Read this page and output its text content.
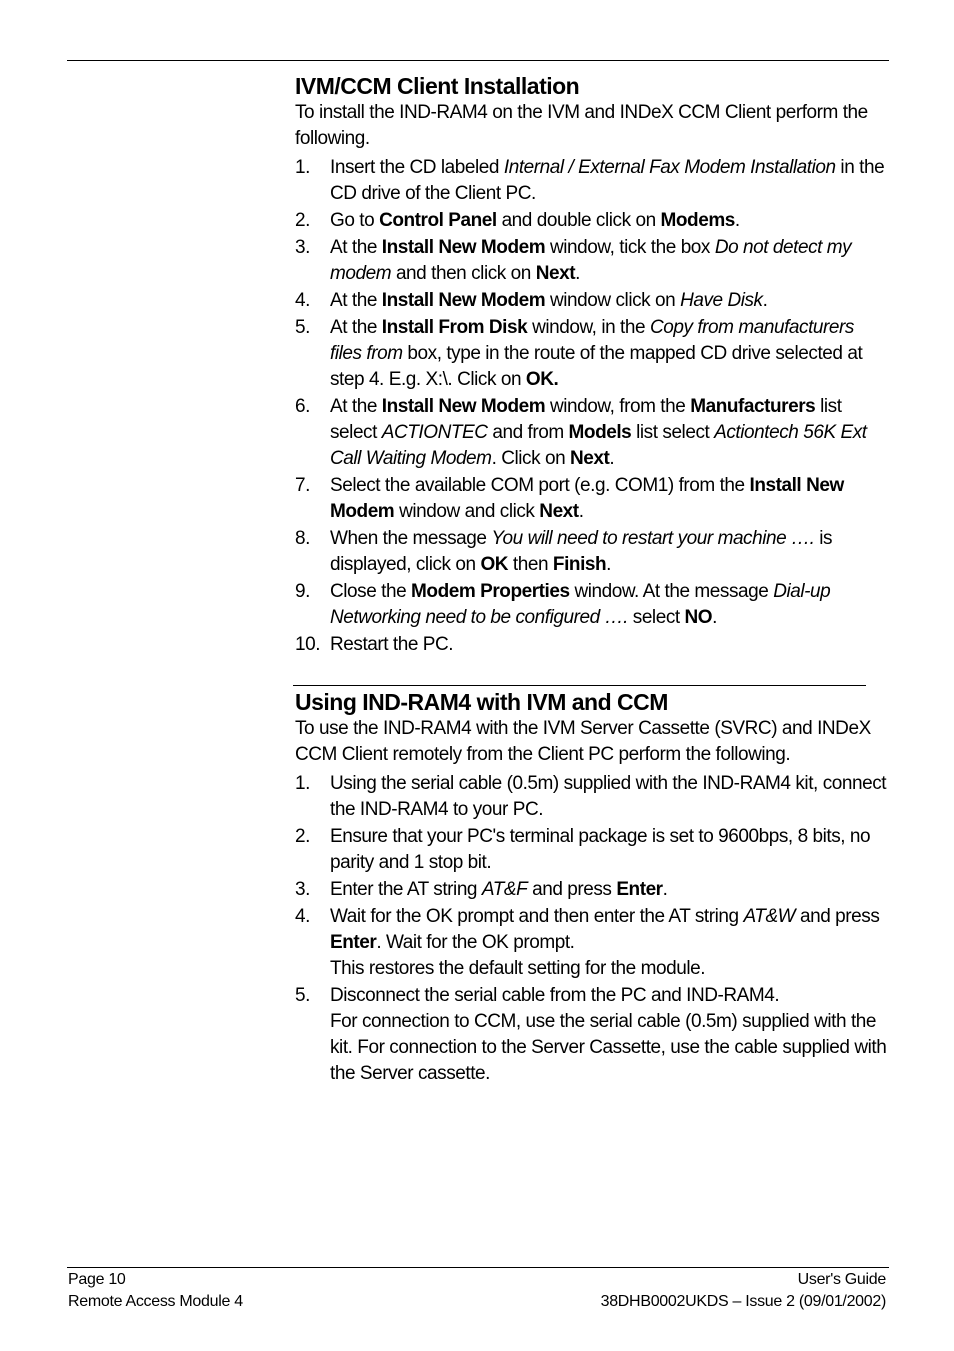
IVM/CCM Client Installation

To install the IND-RAM4 on the IVM and INDeX CCM Client perform the following.

1. Insert the CD labeled Internal / External Fax Modem Installation in the CD drive of the Client PC.
2. Go to Control Panel and double click on Modems.
3. At the Install New Modem window, tick the box Do not detect my modem and then click on Next.
4. At the Install New Modem window click on Have Disk.
5. At the Install From Disk window, in the Copy from manufacturers files from box, type in the route of the mapped CD drive selected at step 4. E.g. X:\. Click on OK.
6. At the Install New Modem window, from the Manufacturers list select ACTIONTEC and from Models list select Actiontech 56K Ext Call Waiting Modem. Click on Next.
7. Select the available COM port (e.g. COM1) from the Install New Modem window and click Next.
8. When the message You will need to restart your machine …. is displayed, click on OK then Finish.
9. Close the Modem Properties window. At the message Dial-up Networking need to be configured …. select NO.
10. Restart the PC.
Using IND-RAM4 with IVM and CCM

To use the IND-RAM4 with the IVM Server Cassette (SVRC) and INDeX CCM Client remotely from the Client PC perform the following.

1. Using the serial cable (0.5m) supplied with the IND-RAM4 kit, connect the IND-RAM4 to your PC.
2. Ensure that your PC's terminal package is set to 9600bps, 8 bits, no parity and 1 stop bit.
3. Enter the AT string AT&F and press Enter.
4. Wait for the OK prompt and then enter the AT string AT&W and press Enter. Wait for the OK prompt.
This restores the default setting for the module.
5. Disconnect the serial cable from the PC and IND-RAM4.
For connection to CCM, use the serial cable (0.5m) supplied with the kit. For connection to the Server Cassette, use the cable supplied with the Server cassette.
Page 10
Remote Access Module 4
User's Guide
38DHB0002UKDS – Issue 2 (09/01/2002)
